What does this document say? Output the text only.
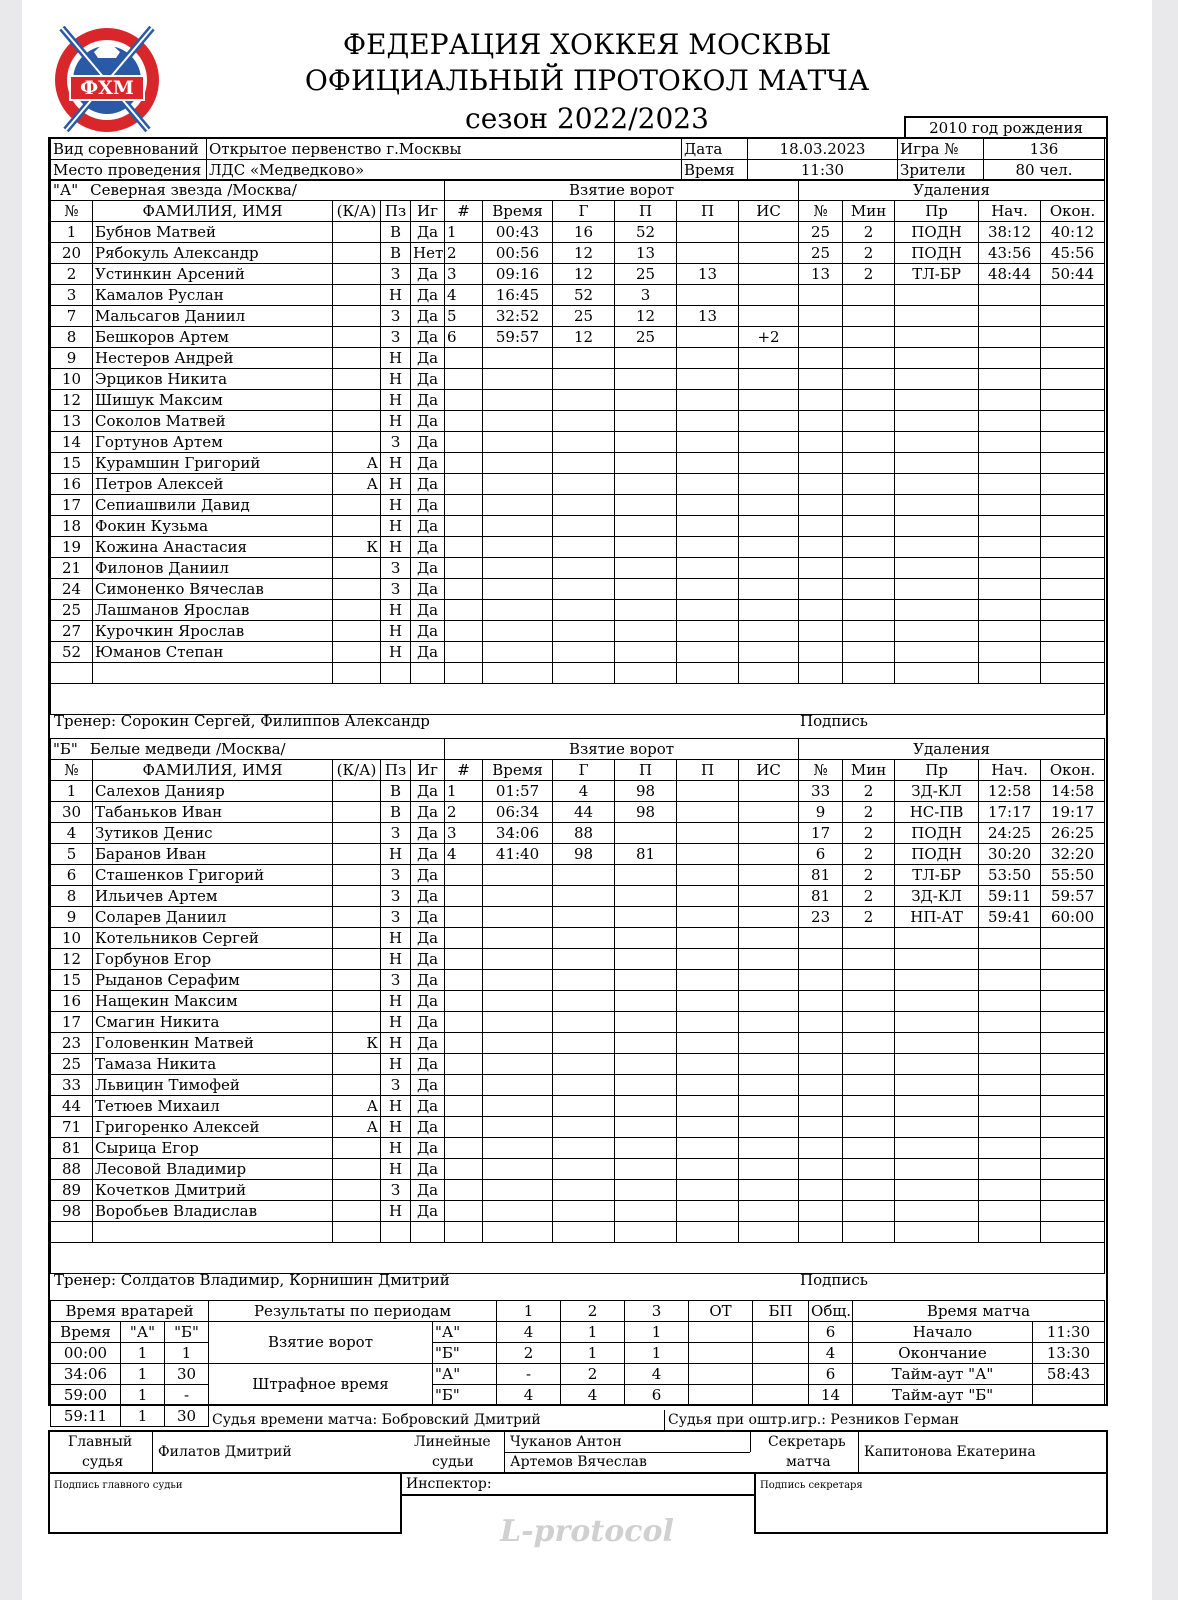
ФХМ
ФЕДЕРАЦИЯ ХОККЕЯ МОСКВЫ
ОФИЦИАЛЬНЫЙ ПРОТОКОЛ МАТЧА
сезон 2022/2023	2010 год рождения
Вид соревнований	Открытое первенство г.Москвы	Дата	18.03.2023	Игра №	136
Место проведения	ЛДС «Медведково»	Время	11:30	Зрители	80 чел.
Тренер: Сорокин Сергей, Филиппов Александр	Подпись
Тренер: Солдатов Владимир, Корнишин Дмитрий	Подпись
Время вратарей		
Время	"А"	"Б"
00:00	1	1
34:06	1	30
59:00	1	-
59:11	1	30
Результаты по периодам		1	2	3	ОТ	БП	Общ.
Взятие ворот	"А"	4	1	1			6
	"Б"	2	1	1			4
Штрафное время	"А"	-	2	4			6
	"Б"	4	4	6			14
Время матча	
Начало	11:30
Окончание	13:30
Тайм-аут "А"	58:43
Тайм-аут "Б"	
Судья времени матча: Бобровский Дмитрий	Судья при оштр.игр.: Резников Герман
Главный
судья
Филатов Дмитрий
Линейные
судьи
Чуканов Антон
Артемов Вячеслав
Секретарь
матча
Капитонова Екатерина
Подпись главного судьи	Инспектор:	Подпись секретаря
L-protocol
"А" Северная звезда /Москва/					Взятие ворот						Удаления				
№	ФАМИЛИЯ, ИМЯ	(К/А)	Пз	Иг	#	Время	Г	П	П	ИС	№	Мин	Пр	Нач.	Окон.
1	Бубнов Матвей		В	Да	1	00:43	16	52			25	2	ПОДН	38:12	40:12
20	Рябокуль Александр		В	Нет	2	00:56	12	13			25	2	ПОДН	43:56	45:56
2	Устинкин Арсений		З	Да	3	09:16	12	25	13		13	2	ТЛ-БР	48:44	50:44
3	Камалов Руслан		Н	Да	4	16:45	52	3							
7	Мальсагов Даниил		З	Да	5	32:52	25	12	13						
8	Бешкоров Артем		З	Да	6	59:57	12	25		+2					
9	Нестеров Андрей		Н	Да											
10	Эрциков Никита		Н	Да											
12	Шишук Максим		Н	Да											
13	Соколов Матвей		Н	Да											
14	Гортунов Артем		З	Да											
15	Курамшин Григорий	А	Н	Да											
16	Петров Алексей	А	Н	Да											
17	Сепиашвили Давид		Н	Да											
18	Фокин Кузьма		Н	Да											
19	Кожина Анастасия	К	Н	Да											
21	Филонов Даниил		З	Да											
24	Симоненко Вячеслав		З	Да											
25	Лашманов Ярослав		Н	Да											
27	Курочкин Ярослав		Н	Да											
52	Юманов Степан		Н	Да											

"Б" Белые медведи /Москва/					Взятие ворот						Удаления				
№	ФАМИЛИЯ, ИМЯ	(К/А)	Пз	Иг	#	Время	Г	П	П	ИС	№	Мин	Пр	Нач.	Окон.
1	Салехов Данияр		В	Да	1	01:57	4	98			33	2	ЗД-КЛ	12:58	14:58
30	Табаньков Иван		В	Да	2	06:34	44	98			9	2	НС-ПВ	17:17	19:17
4	Зутиков Денис		З	Да	3	34:06	88				17	2	ПОДН	24:25	26:25
5	Баранов Иван		Н	Да	4	41:40	98	81			6	2	ПОДН	30:20	32:20
6	Сташенков Григорий		З	Да							81	2	ТЛ-БР	53:50	55:50
8	Ильичев Артем		З	Да							81	2	ЗД-КЛ	59:11	59:57
9	Соларев Даниил		З	Да							23	2	НП-АТ	59:41	60:00
10	Котельников Сергей		Н	Да											
12	Горбунов Егор		Н	Да											
15	Рыданов Серафим		З	Да											
16	Нащекин Максим		Н	Да											
17	Смагин Никита		Н	Да											
23	Головенкин Матвей	К	Н	Да											
25	Тамаза Никита		Н	Да											
33	Львицин Тимофей		З	Да											
44	Тетюев Михаил	А	Н	Да											
71	Григоренко Алексей	А	Н	Да											
81	Сырица Егор		Н	Да											
88	Лесовой Владимир		Н	Да											
89	Кочетков Дмитрий		З	Да											
98	Воробьев Владислав		Н	Да											
